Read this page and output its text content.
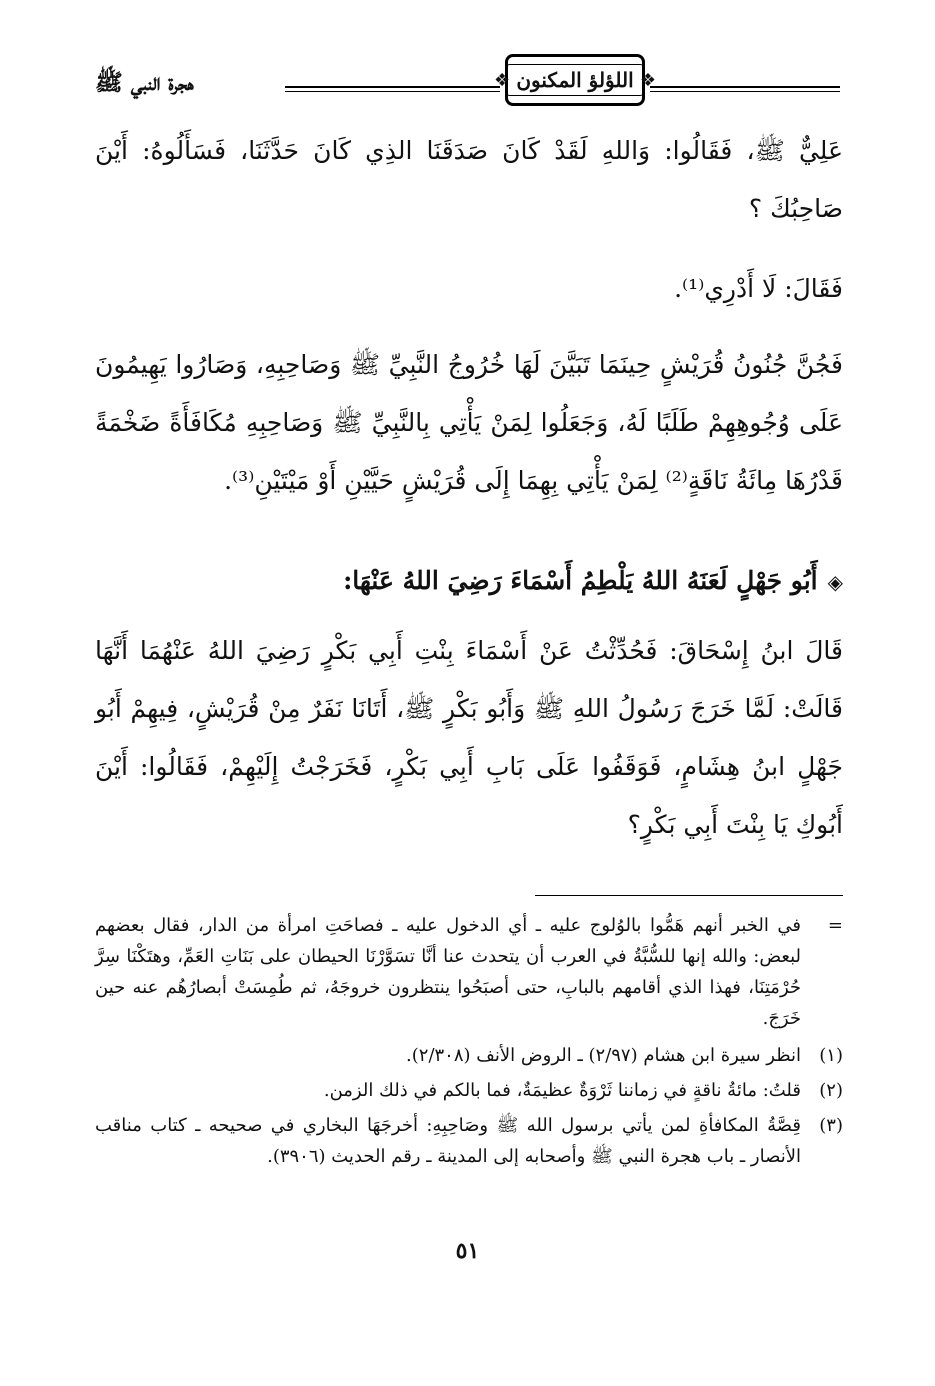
❖ اللؤلؤ المكنون
❖
هجرة النبي ﷺ
عَلِيٌّ ﷺ، فَقَالُوا: وَاللهِ لَقَدْ كَانَ صَدَقَنَا الذِي كَانَ حَدَّثَنَا، فَسَأَلُوهُ: أَيْنَ صَاحِبُكَ ؟
فَقَالَ: لَا أَدْرِي⁽¹⁾.
فَجُنَّ جُنُونُ قُرَيْشٍ حِينَمَا تَبَيَّنَ لَهَا خُرُوجُ النَّبِيِّ ﷺ وَصَاحِبِهِ، وَصَارُوا يَهِيمُونَ عَلَى وُجُوهِهِمْ طَلَبًا لَهُ، وَجَعَلُوا لِمَنْ يَأْتِي بِالنَّبِيِّ ﷺ وَصَاحِبِهِ مُكَافَأَةً ضَخْمَةً قَدْرُهَا مِائَةُ نَاقَةٍ⁽²⁾ لِمَنْ يَأْتِي بِهِمَا إِلَى قُرَيْشٍ حَيَّيْنِ أَوْ مَيْتَيْنِ⁽³⁾.
◈أَبُو جَهْلٍ لَعَنَهُ اللهُ يَلْطِمُ أَسْمَاءَ رَضِيَ اللهُ عَنْهَا:
قَالَ ابنُ إِسْحَاقَ: فَحُدِّثْتُ عَنْ أَسْمَاءَ بِنْتِ أَبِي بَكْرٍ رَضِيَ اللهُ عَنْهُمَا أَنَّهَا قَالَتْ: لَمَّا خَرَجَ رَسُولُ اللهِ ﷺ وَأَبُو بَكْرٍ ﷺ، أَتَانَا نَفَرٌ مِنْ قُرَيْشٍ، فِيهِمْ أَبُو جَهْلٍ ابنُ هِشَامٍ، فَوَقَفُوا عَلَى بَابِ أَبِي بَكْرٍ، فَخَرَجْتُ إِلَيْهِمْ، فَقَالُوا: أَيْنَ أَبُوكِ يَا بِنْتَ أَبِي بَكْرٍ؟
=
في الخبر أنهم هَمُّوا بالوُلوج عليه ـ أي الدخول عليه ـ فصاحَتِ امرأة من الدار، فقال بعضهم لبعض: والله إنها للسُّبَّةُ في العرب أن يتحدث عنا أنَّا تسَوَّرْنَا الحيطان على بَنَاتِ العَمِّ، وهتَكْنَا سِرَّ حُرْمَتِنَا، فهذا الذي أقامهم بالبابِ، حتى أصبَحُوا ينتظرون خروجَهُ، ثم طُمِسَتْ أبصارُهُم عنه حين خَرَجَ.
(١)
انظر سيرة ابن هشام (٢/٩٧) ـ الروض الأنف (٢/٣٠٨).
(٢)
قلتُ: مائةُ ناقةٍ في زماننا ثَرْوَةٌ عظيمَةٌ، فما بالكم في ذلك الزمن.
(٣)
قِصَّةُ المكافأةِ لمن يأتي برسول الله ﷺ وصَاحِبِهِ: أخرجَهَا البخاري في صحيحه ـ كتاب مناقب الأنصار ـ باب هجرة النبي ﷺ وأصحابه إلى المدينة ـ رقم الحديث (٣٩٠٦).
٥١
